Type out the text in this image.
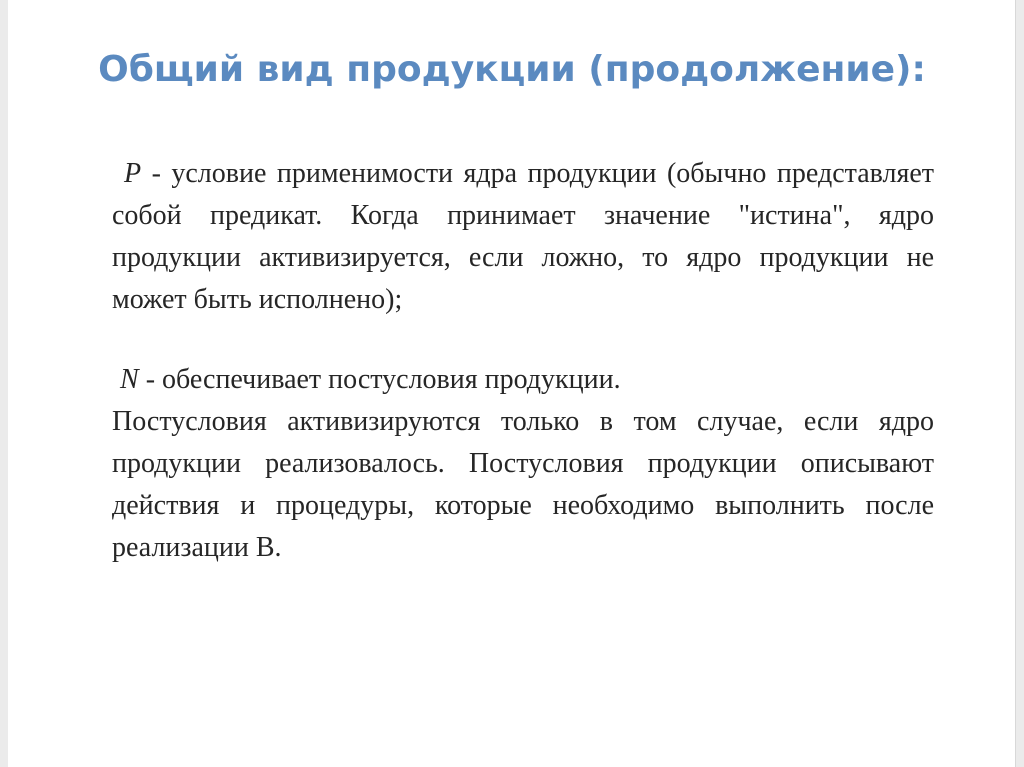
Общий вид продукции (продолжение):

P - условие применимости ядра продукции (обычно представляет собой предикат. Когда принимает значение "истина", ядро продукции активизируется, если ложно, то ядро продукции не может быть исполнено);

N - обеспечивает постусловия продукции.

Постусловия активизируются только в том случае, если ядро продукции реализовалось. Постусловия продукции описывают действия и процедуры, которые необходимо выполнить после реализации B.
